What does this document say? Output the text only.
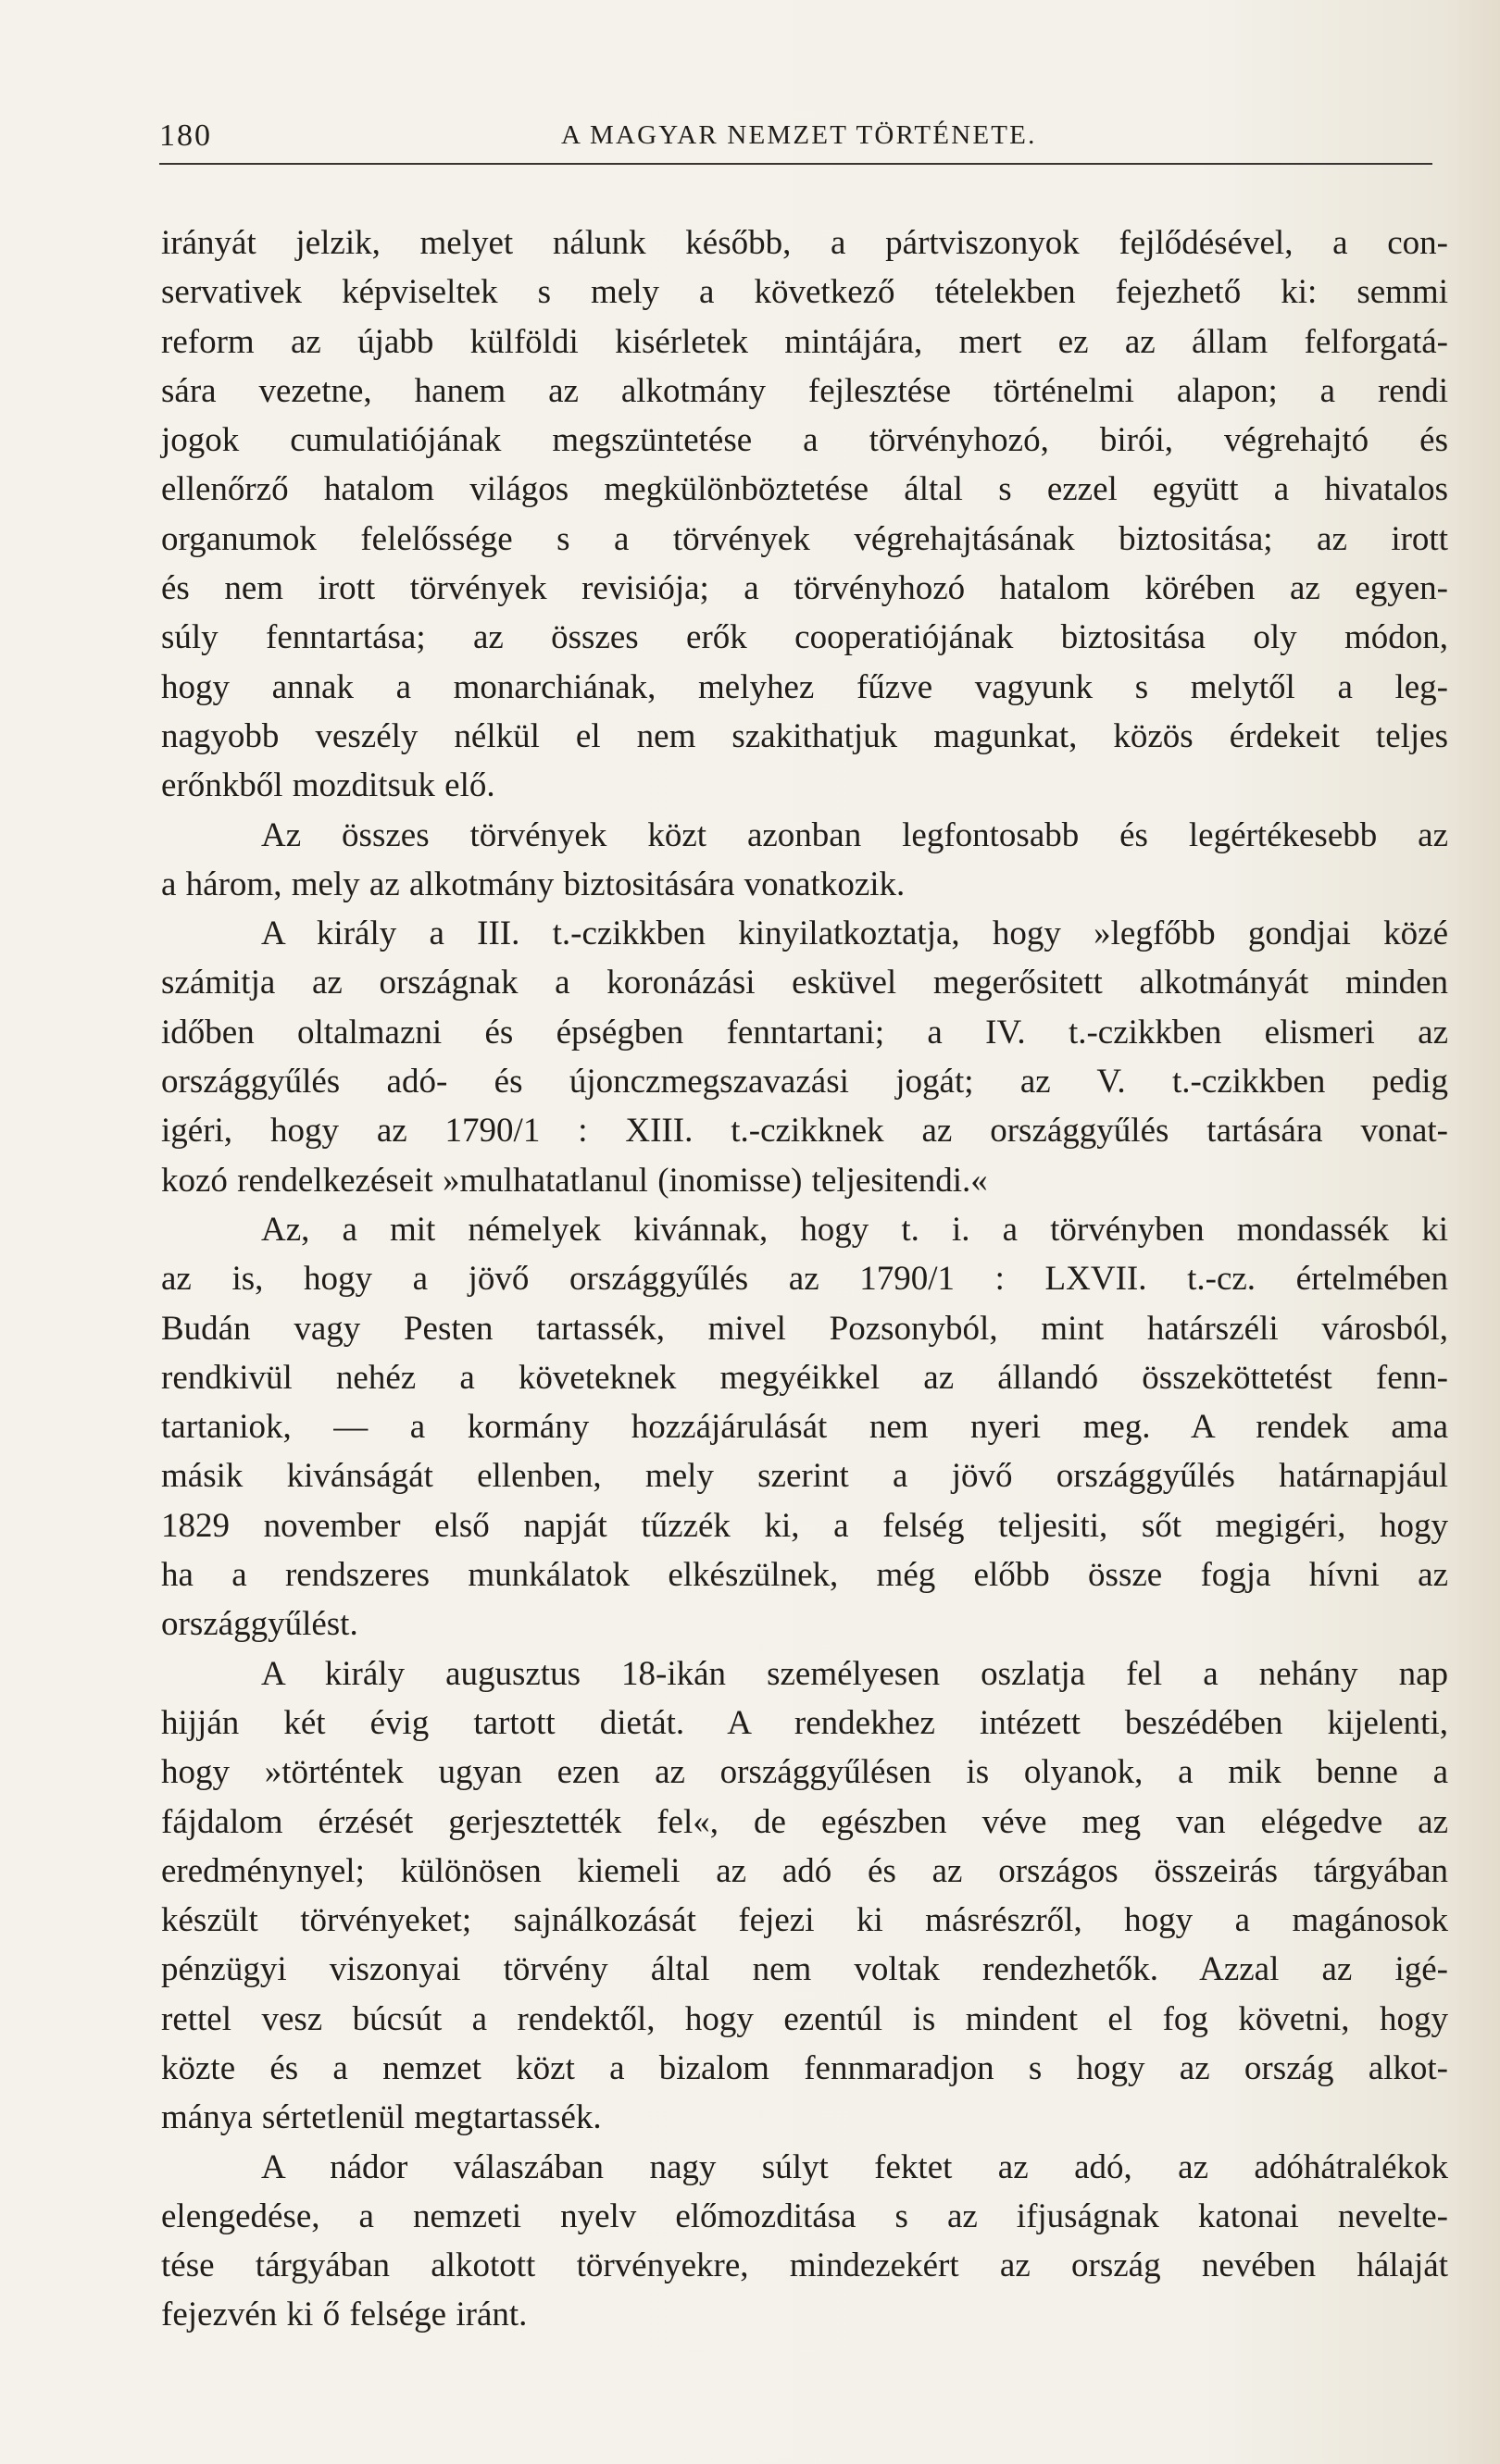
180	A MAGYAR NEMZET TÖRTÉNETE.
irányát jelzik, melyet nálunk később, a pártviszonyok fejlődésével, a con-
servativek képviseltek s mely a következő tételekben fejezhető ki: semmi
reform az újabb külföldi kisérletek mintájára, mert ez az állam felforgatá-
sára vezetne, hanem az alkotmány fejlesztése történelmi alapon; a rendi
jogok cumulatiójának megszüntetése a törvényhozó, birói, végrehajtó és
ellenőrző hatalom világos megkülönböztetése által s ezzel együtt a hivatalos
organumok felelőssége s a törvények végrehajtásának biztositása; az irott
és nem irott törvények revisiója; a törvényhozó hatalom körében az egyen-
súly fenntartása; az összes erők cooperatiójának biztositása oly módon,
hogy annak a monarchiának, melyhez fűzve vagyunk s melytől a leg-
nagyobb veszély nélkül el nem szakithatjuk magunkat, közös érdekeit teljes
erőnkből mozditsuk elő.
Az összes törvények közt azonban legfontosabb és legértékesebb az
a három, mely az alkotmány biztositására vonatkozik.
A király a III. t.-czikkben kinyilatkoztatja, hogy »legfőbb gondjai közé
számitja az országnak a koronázási esküvel megerősitett alkotmányát minden
időben oltalmazni és épségben fenntartani; a IV. t.-czikkben elismeri az
országgyűlés adó- és újonczmegszavazási jogát; az V. t.-czikkben pedig
igéri, hogy az 1790/1 : XIII. t.-czikknek az országgyűlés tartására vonat-
kozó rendelkezéseit »mulhatatlanul (inomisse) teljesitendi.«
Az, a mit némelyek kivánnak, hogy t. i. a törvényben mondassék ki
az is, hogy a jövő országgyűlés az 1790/1 : LXVII. t.-cz. értelmében
Budán vagy Pesten tartassék, mivel Pozsonyból, mint határszéli városból,
rendkivül nehéz a követeknek megyéikkel az állandó összeköttetést fenn-
tartaniok, — a kormány hozzájárulását nem nyeri meg. A rendek ama
másik kivánságát ellenben, mely szerint a jövő országgyűlés határnapjául
1829 november első napját tűzzék ki, a felség teljesiti, sőt megigéri, hogy
ha a rendszeres munkálatok elkészülnek, még előbb össze fogja hívni az
országgyűlést.
A király augusztus 18-ikán személyesen oszlatja fel a nehány nap
hijján két évig tartott dietát. A rendekhez intézett beszédében kijelenti,
hogy »történtek ugyan ezen az országgyűlésen is olyanok, a mik benne a
fájdalom érzését gerjesztették fel«, de egészben véve meg van elégedve az
eredménynyel; különösen kiemeli az adó és az országos összeirás tárgyában
készült törvényeket; sajnálkozását fejezi ki másrészről, hogy a magánosok
pénzügyi viszonyai törvény által nem voltak rendezhetők. Azzal az igé-
rettel vesz búcsút a rendektől, hogy ezentúl is mindent el fog követni, hogy
közte és a nemzet közt a bizalom fennmaradjon s hogy az ország alkot-
mánya sértetlenül megtartassék.
A nádor válaszában nagy súlyt fektet az adó, az adóhátralékok
elengedése, a nemzeti nyelv előmozditása s az ifjuságnak katonai nevelte-
tése tárgyában alkotott törvényekre, mindezekért az ország nevében hálaját
fejezvén ki ő felsége iránt.
